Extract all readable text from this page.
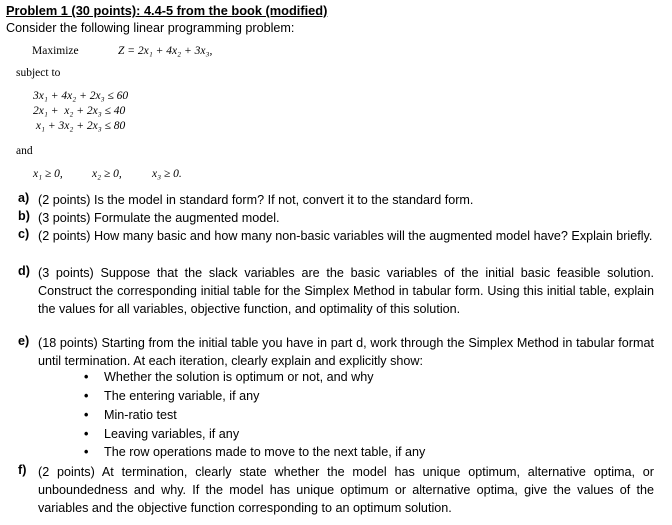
Problem 1 (30 points): 4.4-5 from the book (modified)
Consider the following linear programming problem:
Maximize	Z = 2x₁ + 4x₂ + 3x₃,
subject to
3x₁ + 4x₂ + 2x₃ ≤ 60
2x₁ +  x₂ + 2x₃ ≤ 40
x₁ + 3x₂ + 2x₃ ≤ 80
and
x₁ ≥ 0,	x₂ ≥ 0,	x₃ ≥ 0.
a) (2 points) Is the model in standard form? If not, convert it to the standard form.
b) (3 points) Formulate the augmented model.
c) (2 points) How many basic and how many non-basic variables will the augmented model have? Explain briefly.
d) (3 points) Suppose that the slack variables are the basic variables of the initial basic feasible solution. Construct the corresponding initial table for the Simplex Method in tabular form. Using this initial table, explain the values for all variables, objective function, and optimality of this solution.
e) (18 points) Starting from the initial table you have in part d, work through the Simplex Method in tabular format until termination. At each iteration, clearly explain and explicitly show:
• Whether the solution is optimum or not, and why
• The entering variable, if any
• Min-ratio test
• Leaving variables, if any
• The row operations made to move to the next table, if any
f) (2 points) At termination, clearly state whether the model has unique optimum, alternative optima, or unboundedness and why. If the model has unique optimum or alternative optima, give the values of the variables and the objective function corresponding to an optimum solution.
